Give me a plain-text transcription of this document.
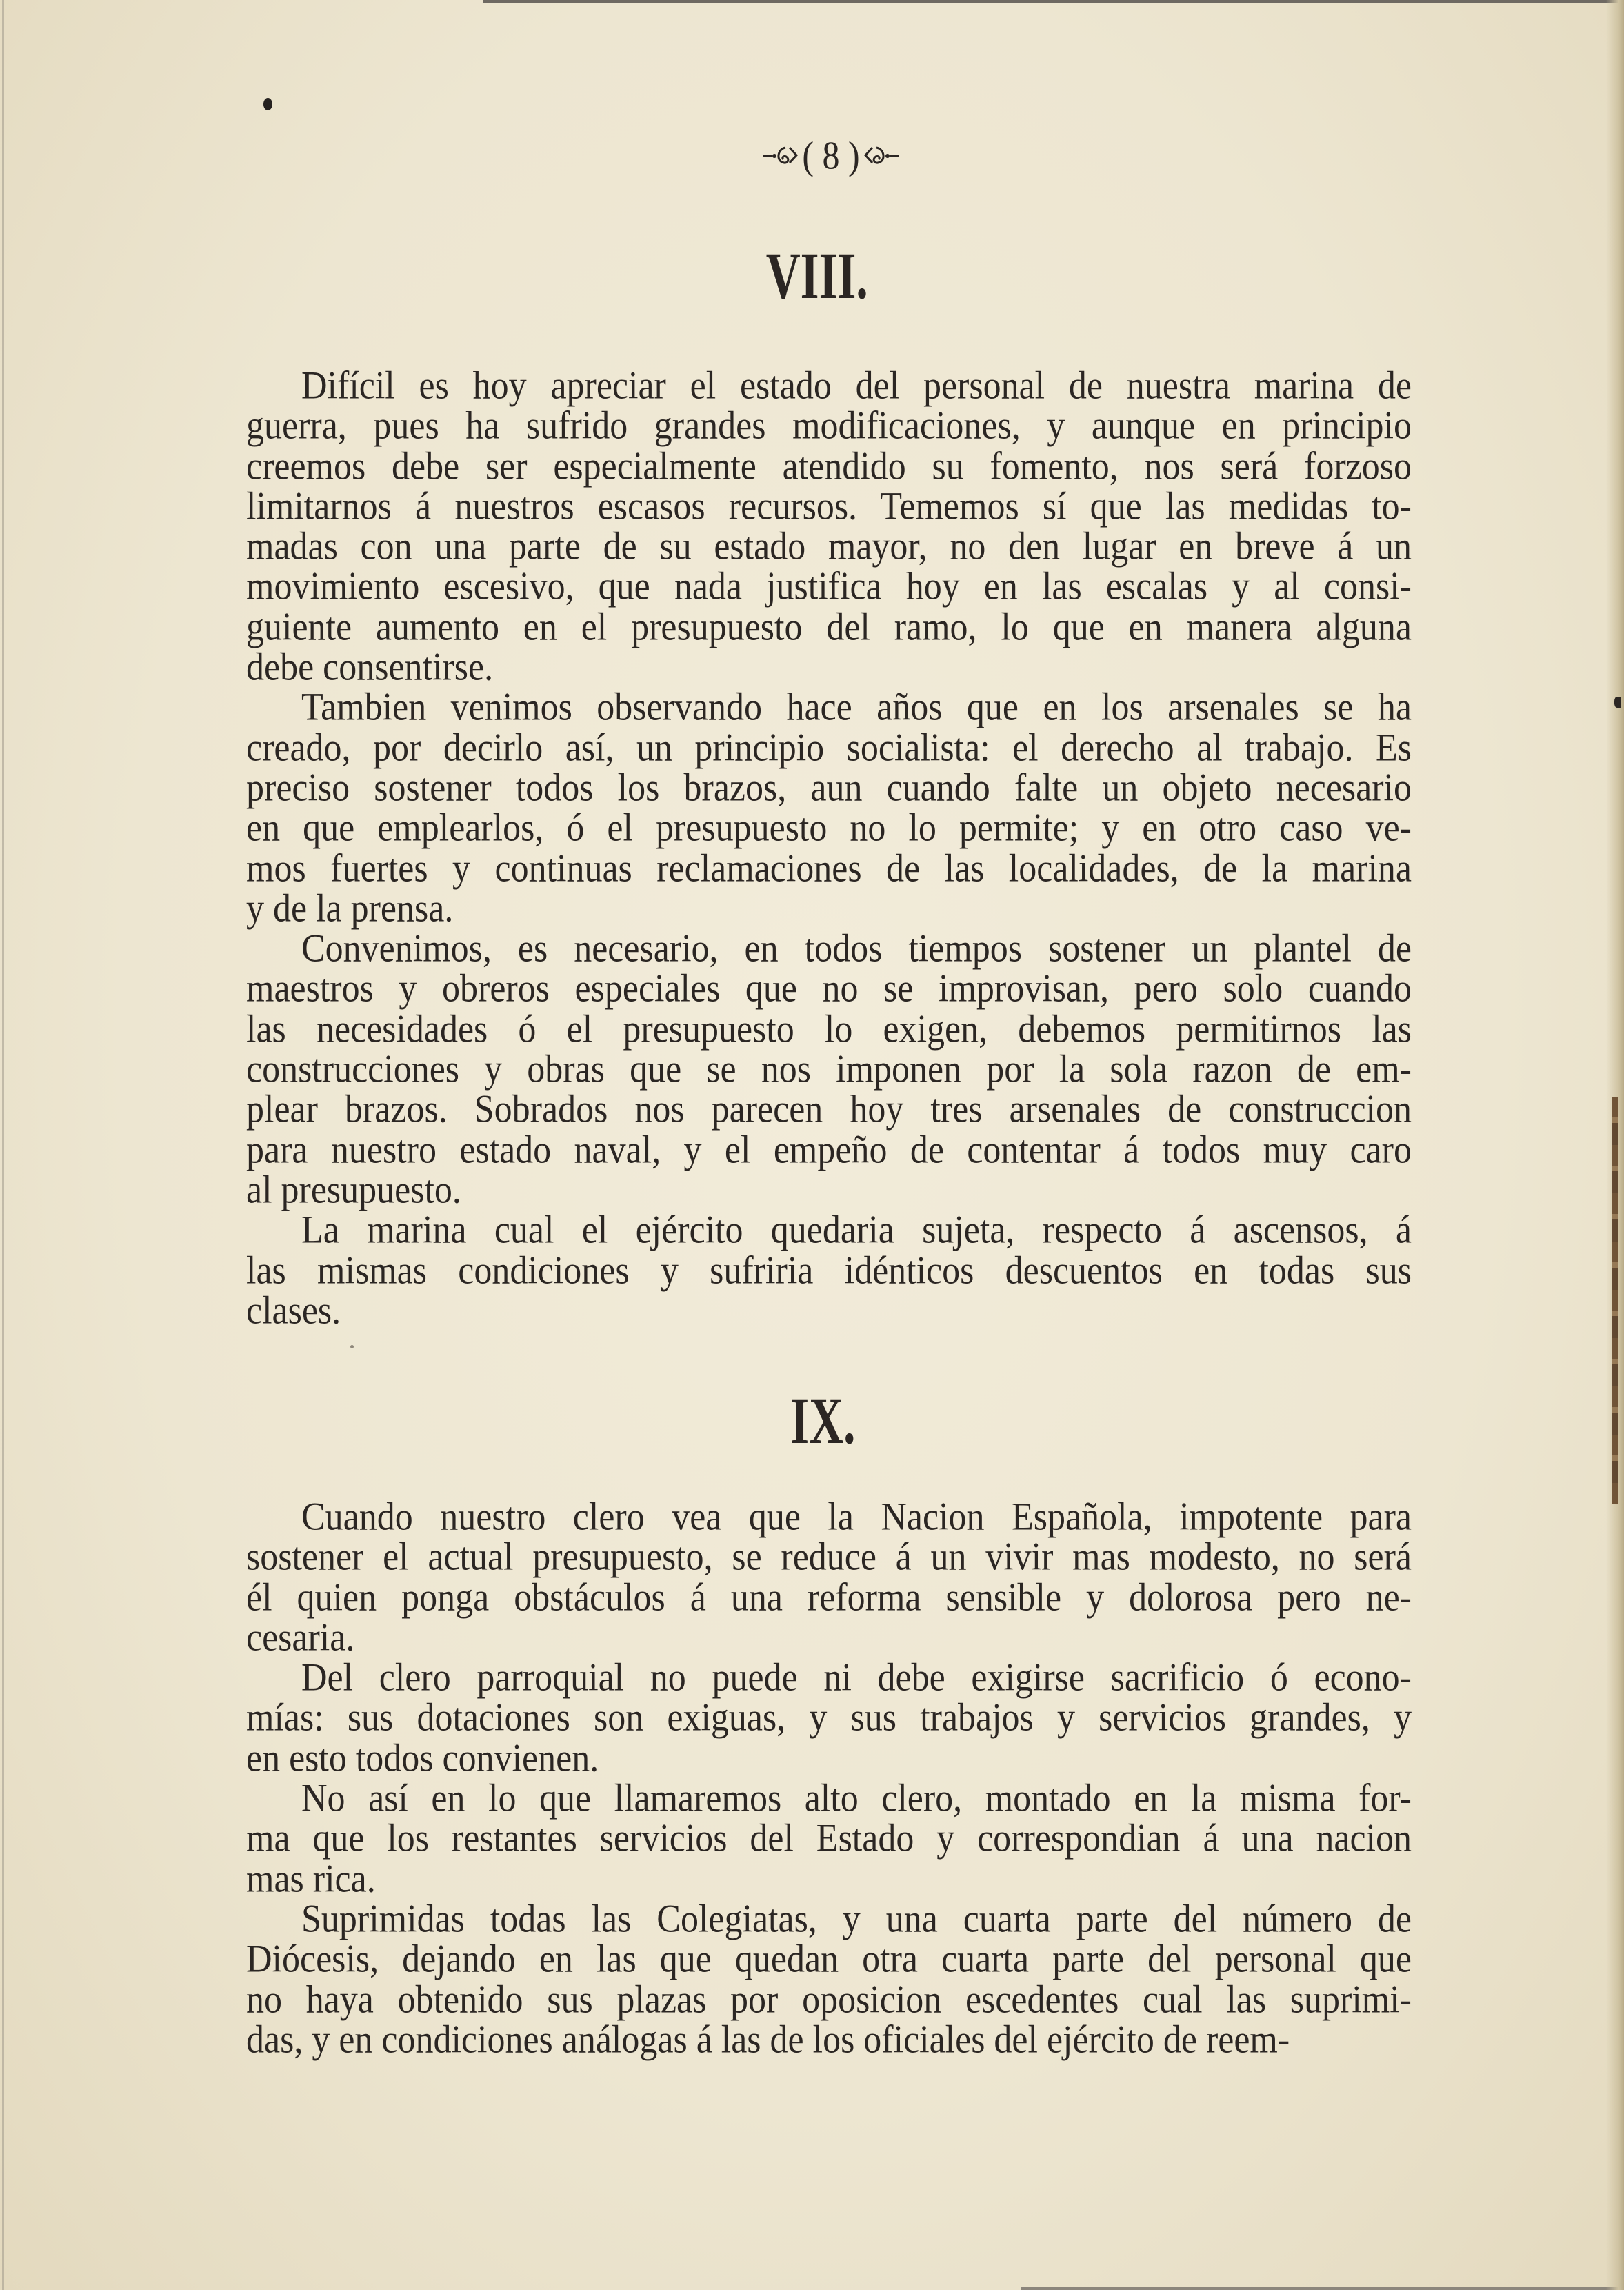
( 8 )
VIII.
Difícil es hoy apreciar el estado del personal de nuestra marina de
guerra, pues ha sufrido grandes modificaciones, y aunque en principio
creemos debe ser especialmente atendido su fomento, nos será forzoso
limitarnos á nuestros escasos recursos. Tememos sí que las medidas to-
madas con una parte de su estado mayor, no den lugar en breve á un
movimiento escesivo, que nada justifica hoy en las escalas y al consi-
guiente aumento en el presupuesto del ramo, lo que en manera alguna
debe consentirse.
Tambien venimos observando hace años que en los arsenales se ha
creado, por decirlo así, un principio socialista: el derecho al trabajo. Es
preciso sostener todos los brazos, aun cuando falte un objeto necesario
en que emplearlos, ó el presupuesto no lo permite; y en otro caso ve-
mos fuertes y continuas reclamaciones de las localidades, de la marina
y de la prensa.
Convenimos, es necesario, en todos tiempos sostener un plantel de
maestros y obreros especiales que no se improvisan, pero solo cuando
las necesidades ó el presupuesto lo exigen, debemos permitirnos las
construcciones y obras que se nos imponen por la sola razon de em-
plear brazos. Sobrados nos parecen hoy tres arsenales de construccion
para nuestro estado naval, y el empeño de contentar á todos muy caro
al presupuesto.
La marina cual el ejército quedaria sujeta, respecto á ascensos, á
las mismas condiciones y sufriria idénticos descuentos en todas sus
clases.
IX.
Cuando nuestro clero vea que la Nacion Española, impotente para
sostener el actual presupuesto, se reduce á un vivir mas modesto, no será
él quien ponga obstáculos á una reforma sensible y dolorosa pero ne-
cesaria.
Del clero parroquial no puede ni debe exigirse sacrificio ó econo-
mías: sus dotaciones son exiguas, y sus trabajos y servicios grandes, y
en esto todos convienen.
No así en lo que llamaremos alto clero, montado en la misma for-
ma que los restantes servicios del Estado y correspondian á una nacion
mas rica.
Suprimidas todas las Colegiatas, y una cuarta parte del número de
Diócesis, dejando en las que quedan otra cuarta parte del personal que
no haya obtenido sus plazas por oposicion escedentes cual las suprimi-
das, y en condiciones análogas á las de los oficiales del ejército de reem-
